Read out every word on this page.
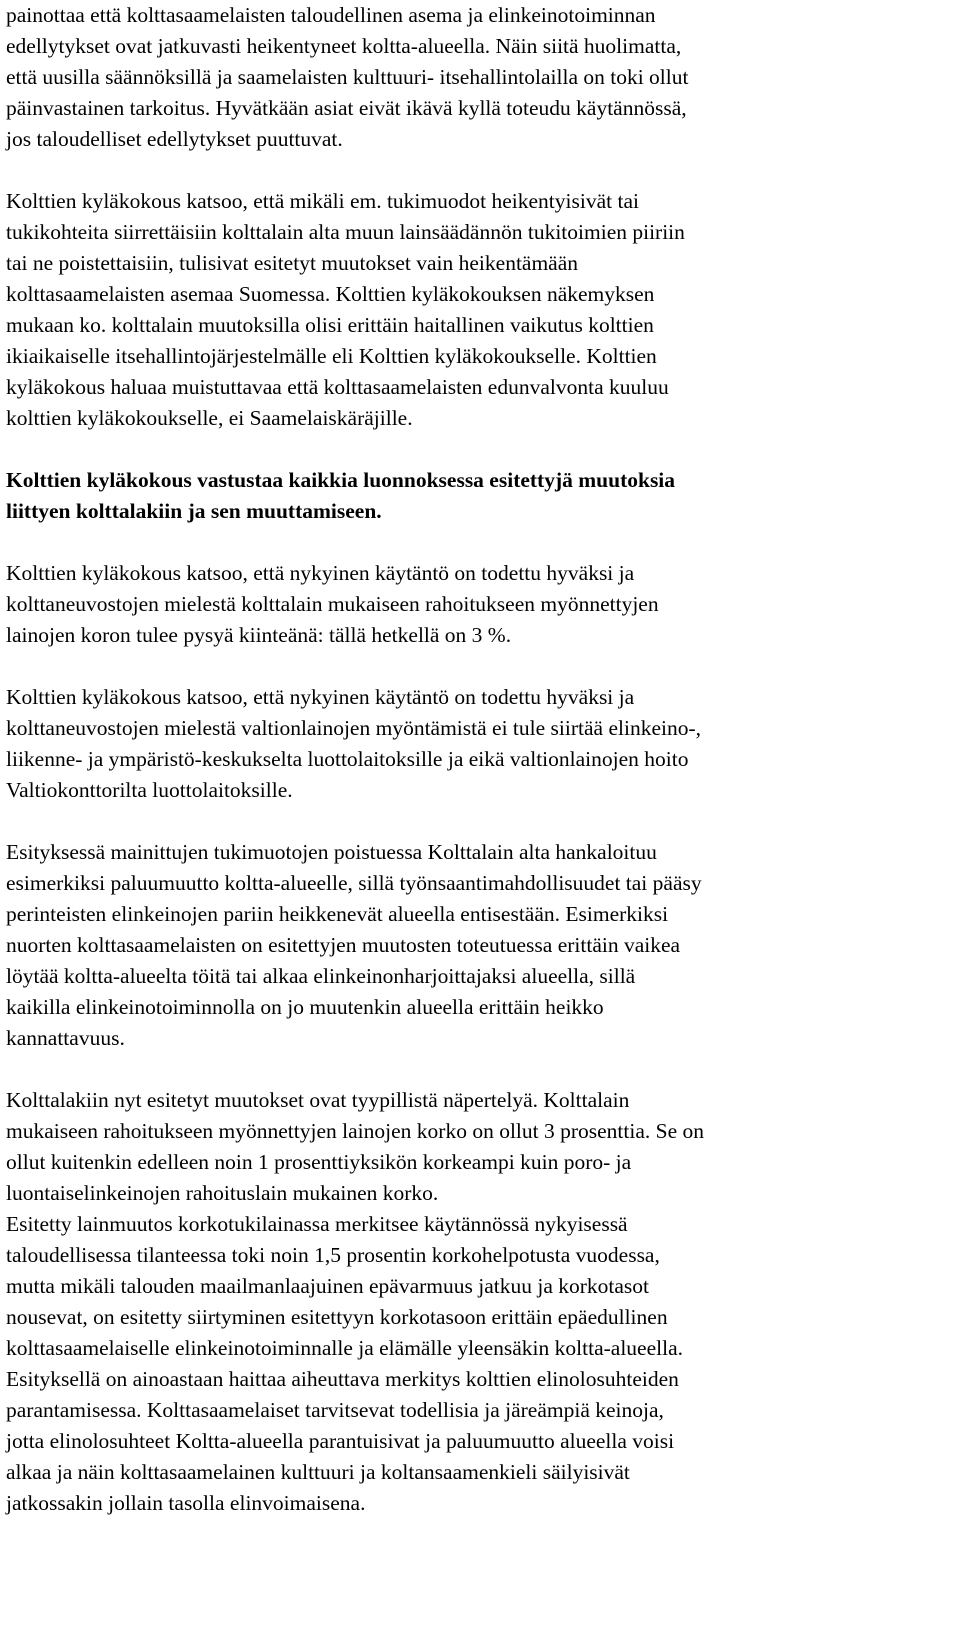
painottaa että kolttasaamelaisten taloudellinen asema ja elinkeinotoiminnan
edellytykset ovat jatkuvasti heikentyneet koltta-alueella. Näin siitä huolimatta,
että uusilla säännöksillä ja saamelaisten kulttuuri- itsehallintolailla on toki ollut
päinvastainen tarkoitus. Hyvätkään asiat eivät ikävä kyllä toteudu käytännössä,
jos taloudelliset edellytykset puuttuvat.
Kolttien kyläkokous katsoo, että mikäli em. tukimuodot heikentyisivät tai
tukikohteita siirrettäisiin kolttalain alta muun lainsäädännön tukitoimien piiriin
tai ne poistettaisiin, tulisivat esitetyt muutokset vain heikentämään
kolttasaamelaisten asemaa Suomessa. Kolttien kyläkokouksen näkemyksen
mukaan ko. kolttalain muutoksilla olisi erittäin haitallinen vaikutus kolttien
ikiaikaiselle itsehallintojärjestelmälle eli Kolttien kyläkokoukselle. Kolttien
kyläkokous haluaa muistuttavaa että kolttasaamelaisten edunvalvonta kuuluu
kolttien kyläkokoukselle, ei Saamelaiskäräjille.
Kolttien kyläkokous vastustaa kaikkia luonnoksessa esitettyjä muutoksia
liittyen kolttalakiin ja sen muuttamiseen.
Kolttien kyläkokous katsoo, että nykyinen käytäntö on todettu hyväksi ja
kolttaneuvostojen mielestä kolttalain mukaiseen rahoitukseen myönnettyjen
lainojen koron tulee pysyä kiinteänä: tällä hetkellä on 3 %.
Kolttien kyläkokous katsoo, että nykyinen käytäntö on todettu hyväksi ja
kolttaneuvostojen mielestä valtionlainojen myöntämistä ei tule siirtää elinkeino-,
liikenne- ja ympäristö-keskukselta luottolaitoksille ja eikä valtionlainojen hoito
Valtiokonttorilta luottolaitoksille.
Esityksessä mainittujen tukimuotojen poistuessa Kolttalain alta hankaloituu
esimerkiksi paluumuutto koltta-alueelle, sillä työnsaantimahdollisuudet tai pääsy
perinteisten elinkeinojen pariin heikkenevät alueella entisestään. Esimerkiksi
nuorten kolttasaamelaisten on esitettyjen muutosten toteutuessa erittäin vaikea
löytää koltta-alueelta töitä tai alkaa elinkeinonharjoittajaksi alueella, sillä
kaikilla elinkeinotoiminnolla on jo muutenkin alueella erittäin heikko
kannattavuus.
Kolttalakiin nyt esitetyt muutokset ovat tyypillistä näpertelyä. Kolttalain
mukaiseen rahoitukseen myönnettyjen lainojen korko on ollut 3 prosenttia. Se on
ollut kuitenkin edelleen noin 1 prosenttiyksikön korkeampi kuin poro- ja
luontaiselinkeinojen rahoituslain mukainen korko.
Esitetty lainmuutos korkotukilainassa merkitsee käytännössä nykyisessä
taloudellisessa tilanteessa toki noin 1,5 prosentin korkohelpotusta vuodessa,
mutta mikäli talouden maailmanlaajuinen epävarmuus jatkuu ja korkotasot
nousevat, on esitetty siirtyminen esitettyyn korkotasoon erittäin epäedullinen
kolttasaamelaiselle elinkeinotoiminnalle ja elämälle yleensäkin koltta-alueella.
Esityksellä on ainoastaan haittaa aiheuttava merkitys kolttien elinolosuhteiden
parantamisessa. Kolttasaamelaiset tarvitsevat todellisia ja järeämpiä keinoja,
jotta elinolosuhteet Koltta-alueella parantuisivat ja paluumuutto alueella voisi
alkaa ja näin kolttasaamelainen kulttuuri ja koltansaamenkieli säilyisivät
jatkossakin jollain tasolla elinvoimaisena.
